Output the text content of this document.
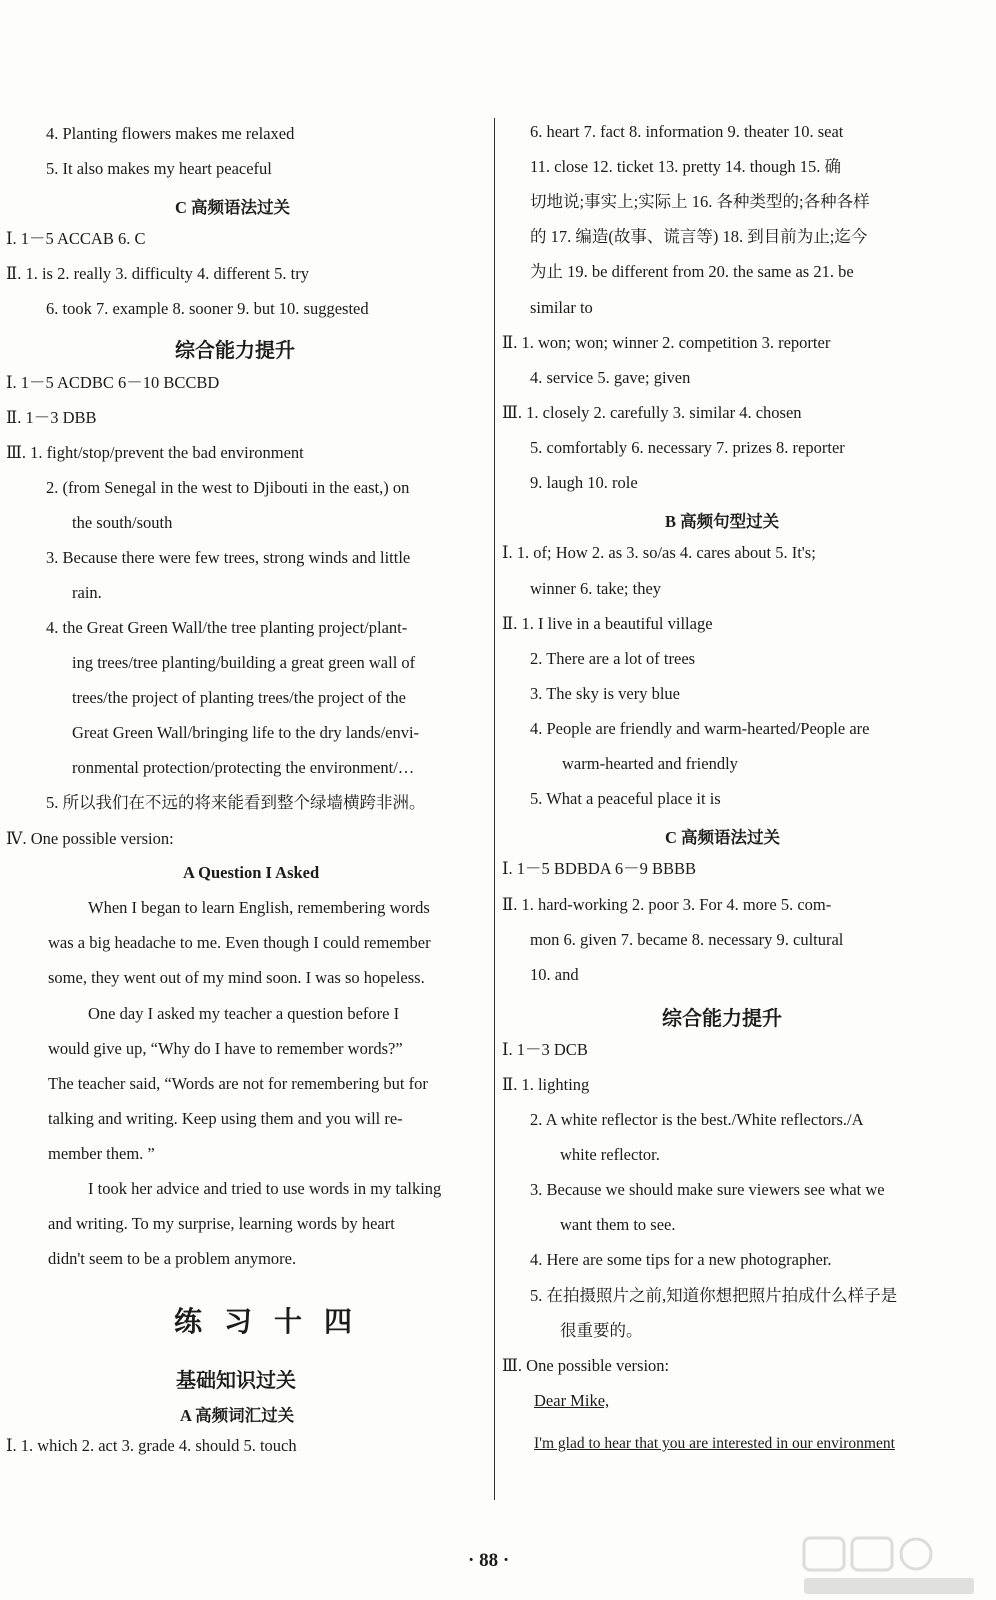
4. Planting flowers makes me relaxed
5. It also makes my heart peaceful
C 高频语法过关
Ⅰ. 1－5 ACCAB 6. C
Ⅱ. 1. is 2. really 3. difficulty 4. different 5. try
6. took 7. example 8. sooner 9. but 10. suggested
综合能力提升
Ⅰ. 1－5 ACDBC 6－10 BCCBD
Ⅱ. 1－3 DBB
Ⅲ. 1. fight/stop/prevent the bad environment
2. (from Senegal in the west to Djibouti in the east,) on
the south/south
3. Because there were few trees, strong winds and little
rain.
4. the Great Green Wall/the tree planting project/plant-
ing trees/tree planting/building a great green wall of
trees/the project of planting trees/the project of the
Great Green Wall/bringing life to the dry lands/envi-
ronmental protection/protecting the environment/…
5. 所以我们在不远的将来能看到整个绿墙横跨非洲。
Ⅳ. One possible version:
A Question I Asked
When I began to learn English, remembering words
was a big headache to me. Even though I could remember
some, they went out of my mind soon. I was so hopeless.
One day I asked my teacher a question before I
would give up, “Why do I have to remember words?”
The teacher said, “Words are not for remembering but for
talking and writing. Keep using them and you will re-
member them. ”
I took her advice and tried to use words in my talking
and writing. To my surprise, learning words by heart
didn't seem to be a problem anymore.
练习十四
基础知识过关
A 高频词汇过关
Ⅰ. 1. which 2. act 3. grade 4. should 5. touch
6. heart 7. fact 8. information 9. theater 10. seat
11. close 12. ticket 13. pretty 14. though 15. 确
切地说;事实上;实际上 16. 各种类型的;各种各样
的 17. 编造(故事、谎言等) 18. 到目前为止;迄今
为止 19. be different from 20. the same as 21. be
similar to
Ⅱ. 1. won; won; winner 2. competition 3. reporter
4. service 5. gave; given
Ⅲ. 1. closely 2. carefully 3. similar 4. chosen
5. comfortably 6. necessary 7. prizes 8. reporter
9. laugh 10. role
B 高频句型过关
Ⅰ. 1. of; How 2. as 3. so/as 4. cares about 5. It's;
winner 6. take; they
Ⅱ. 1. I live in a beautiful village
2. There are a lot of trees
3. The sky is very blue
4. People are friendly and warm-hearted/People are
warm-hearted and friendly
5. What a peaceful place it is
C 高频语法过关
Ⅰ. 1－5 BDBDA 6－9 BBBB
Ⅱ. 1. hard-working 2. poor 3. For 4. more 5. com-
mon 6. given 7. became 8. necessary 9. cultural
10. and
综合能力提升
Ⅰ. 1－3 DCB
Ⅱ. 1. lighting
2. A white reflector is the best./White reflectors./A
white reflector.
3. Because we should make sure viewers see what we
want them to see.
4. Here are some tips for a new photographer.
5. 在拍摄照片之前,知道你想把照片拍成什么样子是
很重要的。
Ⅲ. One possible version:
Dear Mike,
I'm glad to hear that you are interested in our environment
· 88 ·
